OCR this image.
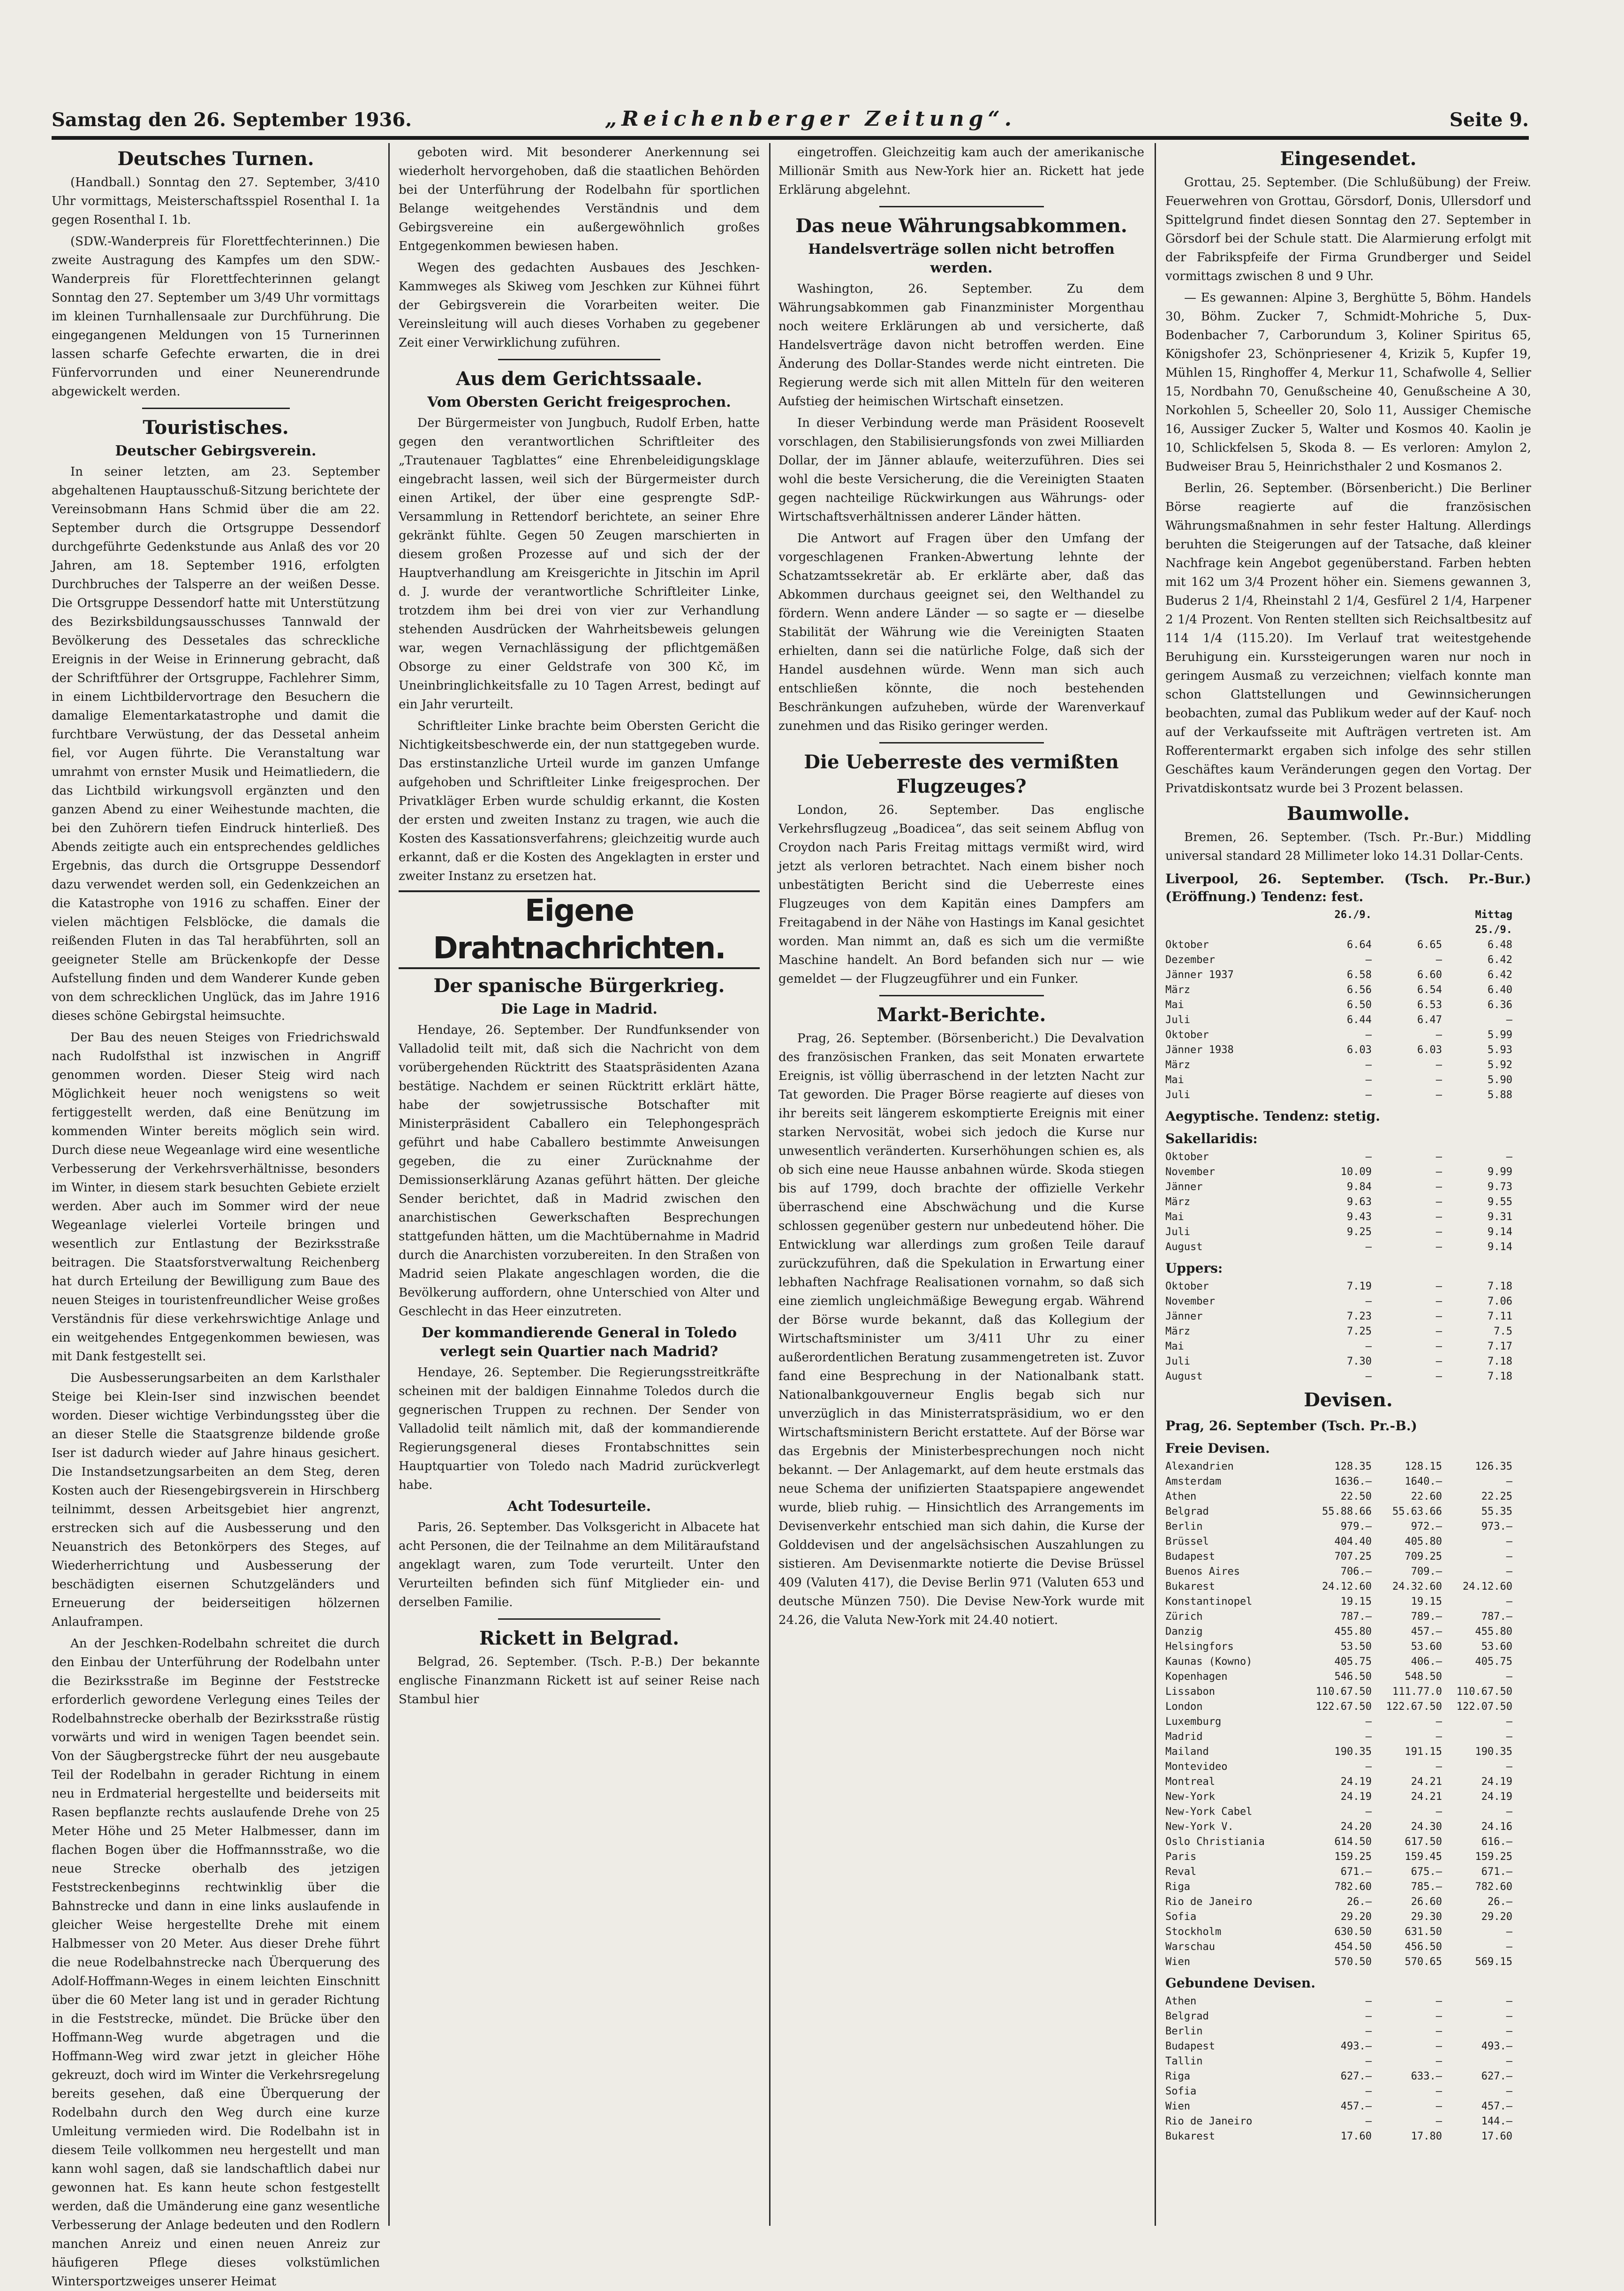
Samstag den 26. September 1936.	„Reichenberger Zeitung“.	Seite 9.
Deutsches Turnen.

(Handball.) Sonntag den 27. September, 3/410 Uhr vormittags, Meisterschaftsspiel Rosenthal I. 1a gegen Rosenthal I. 1b.

(SDW.-Wanderpreis für Florettfechterinnen.) Die zweite Austragung des Kampfes um den SDW.-Wanderpreis für Florettfechterinnen gelangt Sonntag den 27. September um 3/49 Uhr vormittags im kleinen Turnhallensaale zur Durchführung. Die eingegangenen Meldungen von 15 Turnerinnen lassen scharfe Gefechte erwarten, die in drei Fünfervorrunden und einer Neunerendrunde abgewickelt werden.

Touristisches.
Deutscher Gebirgsverein.

In seiner letzten, am 23. September abgehaltenen Hauptausschuß-Sitzung berichtete der Vereinsobmann Hans Schmid über die am 22. September durch die Ortsgruppe Dessendorf durchgeführte Gedenkstunde aus Anlaß des vor 20 Jahren, am 18. September 1916, erfolgten Durchbruches der Talsperre an der weißen Desse. Die Ortsgruppe Dessendorf hatte mit Unterstützung des Bezirksbildungsausschusses Tannwald der Bevölkerung des Dessetales das schreckliche Ereignis in der Weise in Erinnerung gebracht, daß der Schriftführer der Ortsgruppe, Fachlehrer Simm, in einem Lichtbildervortrage den Besuchern die damalige Elementarkatastrophe und damit die furchtbare Verwüstung, der das Dessetal anheim fiel, vor Augen führte. Die Veranstaltung war umrahmt von ernster Musik und Heimatliedern, die das Lichtbild wirkungsvoll ergänzten und den ganzen Abend zu einer Weihestunde machten, die bei den Zuhörern tiefen Eindruck hinterließ. Des Abends zeitigte auch ein entsprechendes geldliches Ergebnis, das durch die Ortsgruppe Dessendorf dazu verwendet werden soll, ein Gedenkzeichen an die Katastrophe von 1916 zu schaffen. Einer der vielen mächtigen Felsblöcke, die damals die reißenden Fluten in das Tal herabführten, soll an geeigneter Stelle am Brückenkopfe der Desse Aufstellung finden und dem Wanderer Kunde geben von dem schrecklichen Unglück, das im Jahre 1916 dieses schöne Gebirgstal heimsuchte.

Der Bau des neuen Steiges von Friedrichswald nach Rudolfsthal ist inzwischen in Angriff genommen worden. Dieser Steig wird nach Möglichkeit heuer noch wenigstens so weit fertiggestellt werden, daß eine Benützung im kommenden Winter bereits möglich sein wird. Durch diese neue Wegeanlage wird eine wesentliche Verbesserung der Verkehrsverhältnisse, besonders im Winter, in diesem stark besuchten Gebiete erzielt werden. Aber auch im Sommer wird der neue Wegeanlage vielerlei Vorteile bringen und wesentlich zur Entlastung der Bezirksstraße beitragen. Die Staatsforstverwaltung Reichenberg hat durch Erteilung der Bewilligung zum Baue des neuen Steiges in touristenfreundlicher Weise großes Verständnis für diese verkehrswichtige Anlage und ein weitgehendes Entgegenkommen bewiesen, was mit Dank festgestellt sei.

Die Ausbesserungsarbeiten an dem Karlsthaler Steige bei Klein-Iser sind inzwischen beendet worden. Dieser wichtige Verbindungssteg über die an dieser Stelle die Staatsgrenze bildende große Iser ist dadurch wieder auf Jahre hinaus gesichert. Die Instandsetzungsarbeiten an dem Steg, deren Kosten auch der Riesengebirgsverein in Hirschberg teilnimmt, dessen Arbeitsgebiet hier angrenzt, erstrecken sich auf die Ausbesserung und den Neuanstrich des Betonkörpers des Steges, auf Wiederherrichtung und Ausbesserung der beschädigten eisernen Schutzgeländers und Erneuerung der beiderseitigen hölzernen Anlauframpen.

An der Jeschken-Rodelbahn schreitet die durch den Einbau der Unterführung der Rodelbahn unter die Bezirksstraße im Beginne der Feststrecke erforderlich gewordene Verlegung eines Teiles der Rodelbahnstrecke oberhalb der Bezirksstraße rüstig vorwärts und wird in wenigen Tagen beendet sein. Von der Säugbergstrecke führt der neu ausgebaute Teil der Rodelbahn in gerader Richtung in einem neu in Erdmaterial hergestellte und beiderseits mit Rasen bepflanzte rechts auslaufende Drehe von 25 Meter Höhe und 25 Meter Halbmesser, dann im flachen Bogen über die Hoffmannsstraße, wo die neue Strecke oberhalb des jetzigen Feststreckenbeginns rechtwinklig über die Bahnstrecke und dann in eine links auslaufende in gleicher Weise hergestellte Drehe mit einem Halbmesser von 20 Meter. Aus dieser Drehe führt die neue Rodelbahnstrecke nach Überquerung des Adolf-Hoffmann-Weges in einem leichten Einschnitt über die 60 Meter lang ist und in gerader Richtung in die Feststrecke, mündet. Die Brücke über den Hoffmann-Weg wurde abgetragen und die Hoffmann-Weg wird zwar jetzt in gleicher Höhe gekreuzt, doch wird im Winter die Verkehrsregelung bereits gesehen, daß eine Überquerung der Rodelbahn durch den Weg durch eine kurze Umleitung vermieden wird. Die Rodelbahn ist in diesem Teile vollkommen neu hergestellt und man kann wohl sagen, daß sie landschaftlich dabei nur gewonnen hat. Es kann heute schon festgestellt werden, daß die Umänderung eine ganz wesentliche Verbesserung der Anlage bedeuten und den Rodlern manchen Anreiz und einen neuen Anreiz zur häufigeren Pflege dieses volkstümlichen Wintersportzweiges unserer Heimat

geboten wird. Mit besonderer Anerkennung sei wiederholt hervorgehoben, daß die staatlichen Behörden bei der Unterführung der Rodelbahn für sportlichen Belange weitgehendes Verständnis und dem Gebirgsvereine ein außergewöhnlich großes Entgegenkommen bewiesen haben.

Wegen des gedachten Ausbaues des Jeschken-Kammweges als Skiweg vom Jeschken zur Kühnei führt der Gebirgsverein die Vorarbeiten weiter. Die Vereinsleitung will auch dieses Vorhaben zu gegebener Zeit einer Verwirklichung zuführen.

Aus dem Gerichtssaale.
Vom Obersten Gericht freigesprochen.

Der Bürgermeister von Jungbuch, Rudolf Erben, hatte gegen den verantwortlichen Schriftleiter des „Trautenauer Tagblattes“ eine Ehrenbeleidigungsklage eingebracht lassen, weil sich der Bürgermeister durch einen Artikel, der über eine gesprengte SdP.-Versammlung in Rettendorf berichtete, an seiner Ehre gekränkt fühlte. Gegen 50 Zeugen marschierten in diesem großen Prozesse auf und sich der der Hauptverhandlung am Kreisgerichte in Jitschin im April d. J. wurde der verantwortliche Schriftleiter Linke, trotzdem ihm bei drei von vier zur Verhandlung stehenden Ausdrücken der Wahrheitsbeweis gelungen war, wegen Vernachlässigung der pflichtgemäßen Obsorge zu einer Geldstrafe von 300 Kč, im Uneinbringlichkeitsfalle zu 10 Tagen Arrest, bedingt auf ein Jahr verurteilt.

Schriftleiter Linke brachte beim Obersten Gericht die Nichtigkeitsbeschwerde ein, der nun stattgegeben wurde. Das erstinstanzliche Urteil wurde im ganzen Umfange aufgehoben und Schriftleiter Linke freigesprochen. Der Privatkläger Erben wurde schuldig erkannt, die Kosten der ersten und zweiten Instanz zu tragen, wie auch die Kosten des Kassationsverfahrens; gleichzeitig wurde auch erkannt, daß er die Kosten des Angeklagten in erster und zweiter Instanz zu ersetzen hat.

Eigene Drahtnachrichten.
Der spanische Bürgerkrieg.
Die Lage in Madrid.

Hendaye, 26. September. Der Rundfunksender von Valladolid teilt mit, daß sich die Nachricht von dem vorübergehenden Rücktritt des Staatspräsidenten Azana bestätige. Nachdem er seinen Rücktritt erklärt hätte, habe der sowjetrussische Botschafter mit Ministerpräsident Caballero ein Telephongespräch geführt und habe Caballero bestimmte Anweisungen gegeben, die zu einer Zurücknahme der Demissionserklärung Azanas geführt hätten. Der gleiche Sender berichtet, daß in Madrid zwischen den anarchistischen Gewerkschaften Besprechungen stattgefunden hätten, um die Machtübernahme in Madrid durch die Anarchisten vorzubereiten. In den Straßen von Madrid seien Plakate angeschlagen worden, die die Bevölkerung auffordern, ohne Unterschied von Alter und Geschlecht in das Heer einzutreten.

Der kommandierende General in Toledo verlegt sein Quartier nach Madrid?

Hendaye, 26. September. Die Regierungsstreitkräfte scheinen mit der baldigen Einnahme Toledos durch die gegnerischen Truppen zu rechnen. Der Sender von Valladolid teilt nämlich mit, daß der kommandierende Regierungsgeneral dieses Frontabschnittes sein Hauptquartier von Toledo nach Madrid zurückverlegt habe.

Acht Todesurteile.

Paris, 26. September. Das Volksgericht in Albacete hat acht Personen, die der Teilnahme an dem Militäraufstand angeklagt waren, zum Tode verurteilt. Unter den Verurteilten befinden sich fünf Mitglieder ein- und derselben Familie.

Rickett in Belgrad.

Belgrad, 26. September. (Tsch. P.-B.) Der bekannte englische Finanzmann Rickett ist auf seiner Reise nach Stambul hier

eingetroffen. Gleichzeitig kam auch der amerikanische Millionär Smith aus New-York hier an. Rickett hat jede Erklärung abgelehnt.

Das neue Währungsabkommen.
Handelsverträge sollen nicht betroffen werden.

Washington, 26. September. Zu dem Währungsabkommen gab Finanzminister Morgenthau noch weitere Erklärungen ab und versicherte, daß Handelsverträge davon nicht betroffen werden. Eine Änderung des Dollar-Standes werde nicht eintreten. Die Regierung werde sich mit allen Mitteln für den weiteren Aufstieg der heimischen Wirtschaft einsetzen.

In dieser Verbindung werde man Präsident Roosevelt vorschlagen, den Stabilisierungsfonds von zwei Milliarden Dollar, der im Jänner ablaufe, weiterzuführen. Dies sei wohl die beste Versicherung, die die Vereinigten Staaten gegen nachteilige Rückwirkungen aus Währungs- oder Wirtschaftsverhältnissen anderer Länder hätten.

Die Antwort auf Fragen über den Umfang der vorgeschlagenen Franken-Abwertung lehnte der Schatzamtssekretär ab. Er erklärte aber, daß das Abkommen durchaus geeignet sei, den Welthandel zu fördern. Wenn andere Länder — so sagte er — dieselbe Stabilität der Währung wie die Vereinigten Staaten erhielten, dann sei die natürliche Folge, daß sich der Handel ausdehnen würde. Wenn man sich auch entschließen könnte, die noch bestehenden Beschränkungen aufzuheben, würde der Warenverkauf zunehmen und das Risiko geringer werden.

Die Ueberreste des vermißten Flugzeuges?

London, 26. September. Das englische Verkehrsflugzeug „Boadicea“, das seit seinem Abflug von Croydon nach Paris Freitag mittags vermißt wird, wird jetzt als verloren betrachtet. Nach einem bisher noch unbestätigten Bericht sind die Ueberreste eines Flugzeuges von dem Kapitän eines Dampfers am Freitagabend in der Nähe von Hastings im Kanal gesichtet worden. Man nimmt an, daß es sich um die vermißte Maschine handelt. An Bord befanden sich nur — wie gemeldet — der Flugzeugführer und ein Funker.

Markt-Berichte.

Prag, 26. September. (Börsenbericht.) Die Devalvation des französischen Franken, das seit Monaten erwartete Ereignis, ist völlig überraschend in der letzten Nacht zur Tat geworden. Die Prager Börse reagierte auf dieses von ihr bereits seit längerem eskomptierte Ereignis mit einer starken Nervosität, wobei sich jedoch die Kurse nur unwesentlich veränderten. Kurserhöhungen schien es, als ob sich eine neue Hausse anbahnen würde. Skoda stiegen bis auf 1799, doch brachte der offizielle Verkehr überraschend eine Abschwächung und die Kurse schlossen gegenüber gestern nur unbedeutend höher. Die Entwicklung war allerdings zum großen Teile darauf zurückzuführen, daß die Spekulation in Erwartung einer lebhaften Nachfrage Realisationen vornahm, so daß sich eine ziemlich ungleichmäßige Bewegung ergab. Während der Börse wurde bekannt, daß das Kollegium der Wirtschaftsminister um 3/411 Uhr zu einer außerordentlichen Beratung zusammengetreten ist. Zuvor fand eine Besprechung in der Nationalbank statt. Nationalbankgouverneur Englis begab sich nur unverzüglich in das Ministerratspräsidium, wo er den Wirtschaftsministern Bericht erstattete. Auf der Börse war das Ergebnis der Ministerbesprechungen noch nicht bekannt. — Der Anlagemarkt, auf dem heute erstmals das neue Schema der unifizierten Staatspapiere angewendet wurde, blieb ruhig. — Hinsichtlich des Arrangements im Devisenverkehr entschied man sich dahin, die Kurse der Golddevisen und der angelsächsischen Auszahlungen zu sistieren. Am Devisenmarkte notierte die Devise Brüssel 409 (Valuten 417), die Devise Berlin 971 (Valuten 653 und deutsche Münzen 750). Die Devise New-York wurde mit 24.26, die Valuta New-York mit 24.40 notiert.

Eingesendet.

Grottau, 25. September. (Die Schlußübung) der Freiw. Feuerwehren von Grottau, Görsdorf, Donis, Ullersdorf und Spittelgrund findet diesen Sonntag den 27. September in Görsdorf bei der Schule statt. Die Alarmierung erfolgt mit der Fabrikspfeife der Firma Grundberger und Seidel vormittags zwischen 8 und 9 Uhr.

— Es gewannen: Alpine 3, Berghütte 5, Böhm. Handels 30, Böhm. Zucker 7, Schmidt-Mohriche 5, Dux-Bodenbacher 7, Carborundum 3, Koliner Spiritus 65, Königshofer 23, Schönpriesener 4, Krizik 5, Kupfer 19, Mühlen 15, Ringhoffer 4, Merkur 11, Schafwolle 4, Sellier 15, Nordbahn 70, Genußscheine 40, Genußscheine A 30, Norkohlen 5, Scheeller 20, Solo 11, Aussiger Chemische 16, Aussiger Zucker 5, Walter und Kosmos 40. Kaolin je 10, Schlickfelsen 5, Skoda 8. — Es verloren: Amylon 2, Budweiser Brau 5, Heinrichsthaler 2 und Kosmanos 2.

Berlin, 26. September. (Börsenbericht.) Die Berliner Börse reagierte auf die französischen Währungsmaßnahmen in sehr fester Haltung. Allerdings beruhten die Steigerungen auf der Tatsache, daß kleiner Nachfrage kein Angebot gegenüberstand. Farben hebten mit 162 um 3/4 Prozent höher ein. Siemens gewannen 3, Buderus 2 1/4, Rheinstahl 2 1/4, Gesfürel 2 1/4, Harpener 2 1/4 Prozent. Von Renten stellten sich Reichsaltbesitz auf 114 1/4 (115.20). Im Verlauf trat weitestgehende Beruhigung ein. Kurssteigerungen waren nur noch in geringem Ausmaß zu verzeichnen; vielfach konnte man schon Glattstellungen und Gewinnsicherungen beobachten, zumal das Publikum weder auf der Kauf- noch auf der Verkaufsseite mit Aufträgen vertreten ist. Am Rofferentermarkt ergaben sich infolge des sehr stillen Geschäftes kaum Veränderungen gegen den Vortag. Der Privatdiskontsatz wurde bei 3 Prozent belassen.

Baumwolle.

Bremen, 26. September. (Tsch. Pr.-Bur.) Middling universal standard 28 Millimeter loko 14.31 Dollar-Cents.

Liverpool, 26. September. (Tsch. Pr.-Bur.) (Eröffnung.) Tendenz: fest.
26./9.	Mittag 25./9.
Oktober	6.64	6.65	6.48
Dezember	—	—	6.42
Jänner 1937	6.58	6.60	6.42
März	6.56	6.54	6.40
Mai	6.50	6.53	6.36
Juli	6.44	6.47	—
Oktober	—	—	5.99
Jänner 1938	6.03	6.03	5.93
März	—	—	5.92
Mai	—	—	5.90
Juli	—	—	5.88
Aegyptische. Tendenz: stetig.
Sakellaridis:
Oktober	—	—	—
November	10.09	—	9.99
Jänner	9.84	—	9.73
März	9.63	—	9.55
Mai	9.43	—	9.31
Juli	9.25	—	9.14
August	—	—	9.14
Uppers:
Oktober	7.19	—	7.18
November	—	—	7.06
Jänner	7.23	—	7.11
März	7.25	—	7.5
Mai	—	—	7.17
Juli	7.30	—	7.18
August	—	—	7.18
Devisen.
Prag, 26. September (Tsch. Pr.-B.)
Freie Devisen.
Alexandrien	128.35	128.15	126.35
Amsterdam	1636.—	1640.—	—
Athen	22.50	22.60	22.25
Belgrad	55.88.66	55.63.66	55.35
Berlin	979.—	972.—	973.—
Brüssel	404.40	405.80	—
Budapest	707.25	709.25	—
Buenos Aires	706.—	709.—	—
Bukarest	24.12.60	24.32.60	24.12.60
Konstantinopel	19.15	19.15	—
Zürich	787.—	789.—	787.—
Danzig	455.80	457.—	455.80
Helsingfors	53.50	53.60	53.60
Kaunas (Kowno)	405.75	406.—	405.75
Kopenhagen	546.50	548.50	—
Lissabon	110.67.50	111.77.0	110.67.50
London	122.67.50	122.67.50	122.07.50
Luxemburg	—	—	—
Madrid	—	—	—
Mailand	190.35	191.15	190.35
Montevideo	—	—	—
Montreal	24.19	24.21	24.19
New-York	24.19	24.21	24.19
New-York Cabel	—	—	—
New-York V.	24.20	24.30	24.16
Oslo Christiania	614.50	617.50	616.—
Paris	159.25	159.45	159.25
Reval	671.—	675.—	671.—
Riga	782.60	785.—	782.60
Rio de Janeiro	26.—	26.60	26.—
Sofia	29.20	29.30	29.20
Stockholm	630.50	631.50	—
Warschau	454.50	456.50	—
Wien	570.50	570.65	569.15
Gebundene Devisen.
Athen	—	—	—
Belgrad	—	—	—
Berlin	—	—	—
Budapest	493.—	—	493.—
Tallin	—	—	—
Riga	627.—	633.—	627.—
Sofia	—	—	—
Wien	457.—	—	457.—
Rio de Janeiro	—	—	144.—
Bukarest	17.60	17.80	17.60
